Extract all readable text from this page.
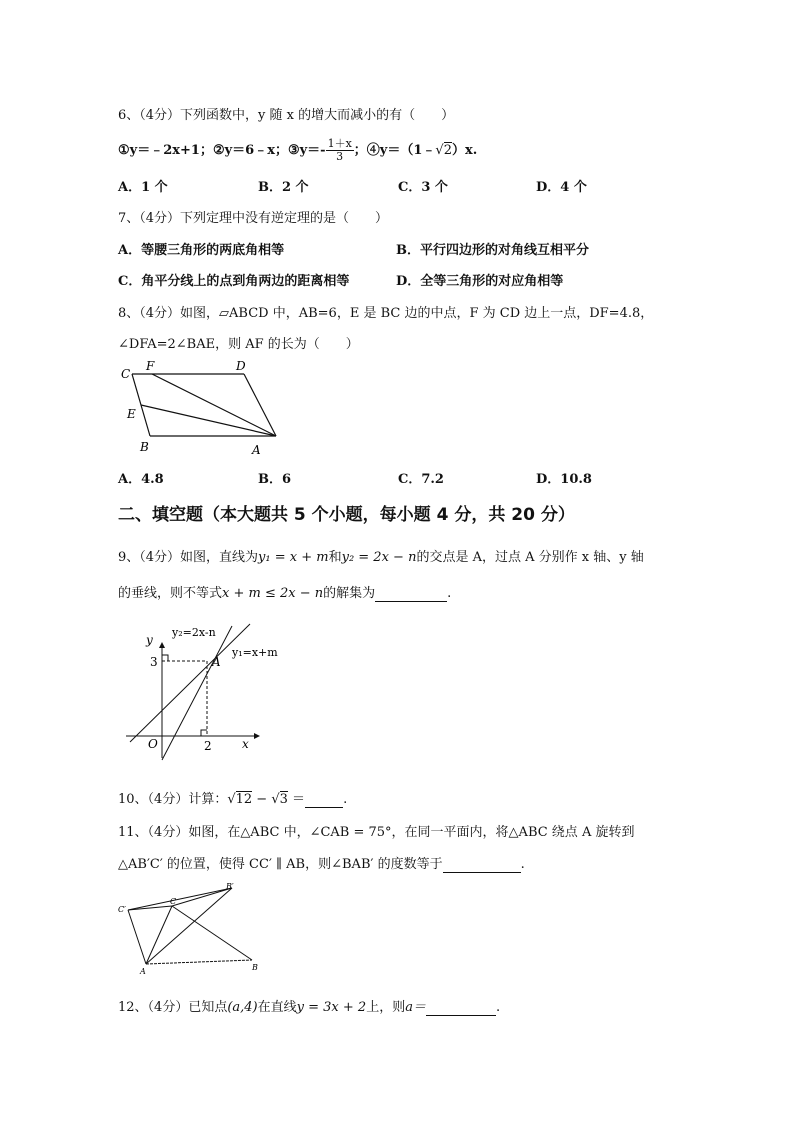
6、（4分）下列函数中，y 随 x 的增大而减小的有（　　）
①y＝﹣2x+1；②y＝6﹣x；③y＝- $\frac{1+x}{3}$ ；④y＝（1﹣√2）x.
A．1 个	B．2 个	C．3 个	D．4 个
7、（4分）下列定理中没有逆定理的是（　　）
A．等腰三角形的两底角相等	B．平行四边形的对角线互相平分
C．角平分线上的点到角两边的距离相等	D．全等三角形的对应角相等
8、（4分）如图，▱ABCD 中，AB=6，E 是 BC 边的中点，F 为 CD 边上一点，DF=4.8，
∠DFA=2∠BAE，则 AF 的长为（　　）
C
F	D
E
B	A
A．4.8	B．6	C．7.2	D．10.8
二、填空题（本大题共 5 个小题，每小题 4 分，共 20 分）
9、（4分）如图，直线为y₁ = x + m和y₂ = 2x − n的交点是 A，过点 A 分别作 x 轴、y 轴
的垂线，则不等式x + m ≤ 2x − n的解集为	.
y₂=2x-n
y₁=x+m
y
x
O
A
3
2
10、（4分）计算：√12 − √3 ＝	.
11、（4分）如图，在△ABC 中，∠CAB = 75°，在同一平面内，将△ABC 绕点 A 旋转到
△AB′C′ 的位置，使得 CC′ ∥ AB，则∠BAB′ 的度数等于	.
C′
C
B′
A	B
12、（4分）已知点(a,4)在直线y = 3x + 2上，则a＝	.
